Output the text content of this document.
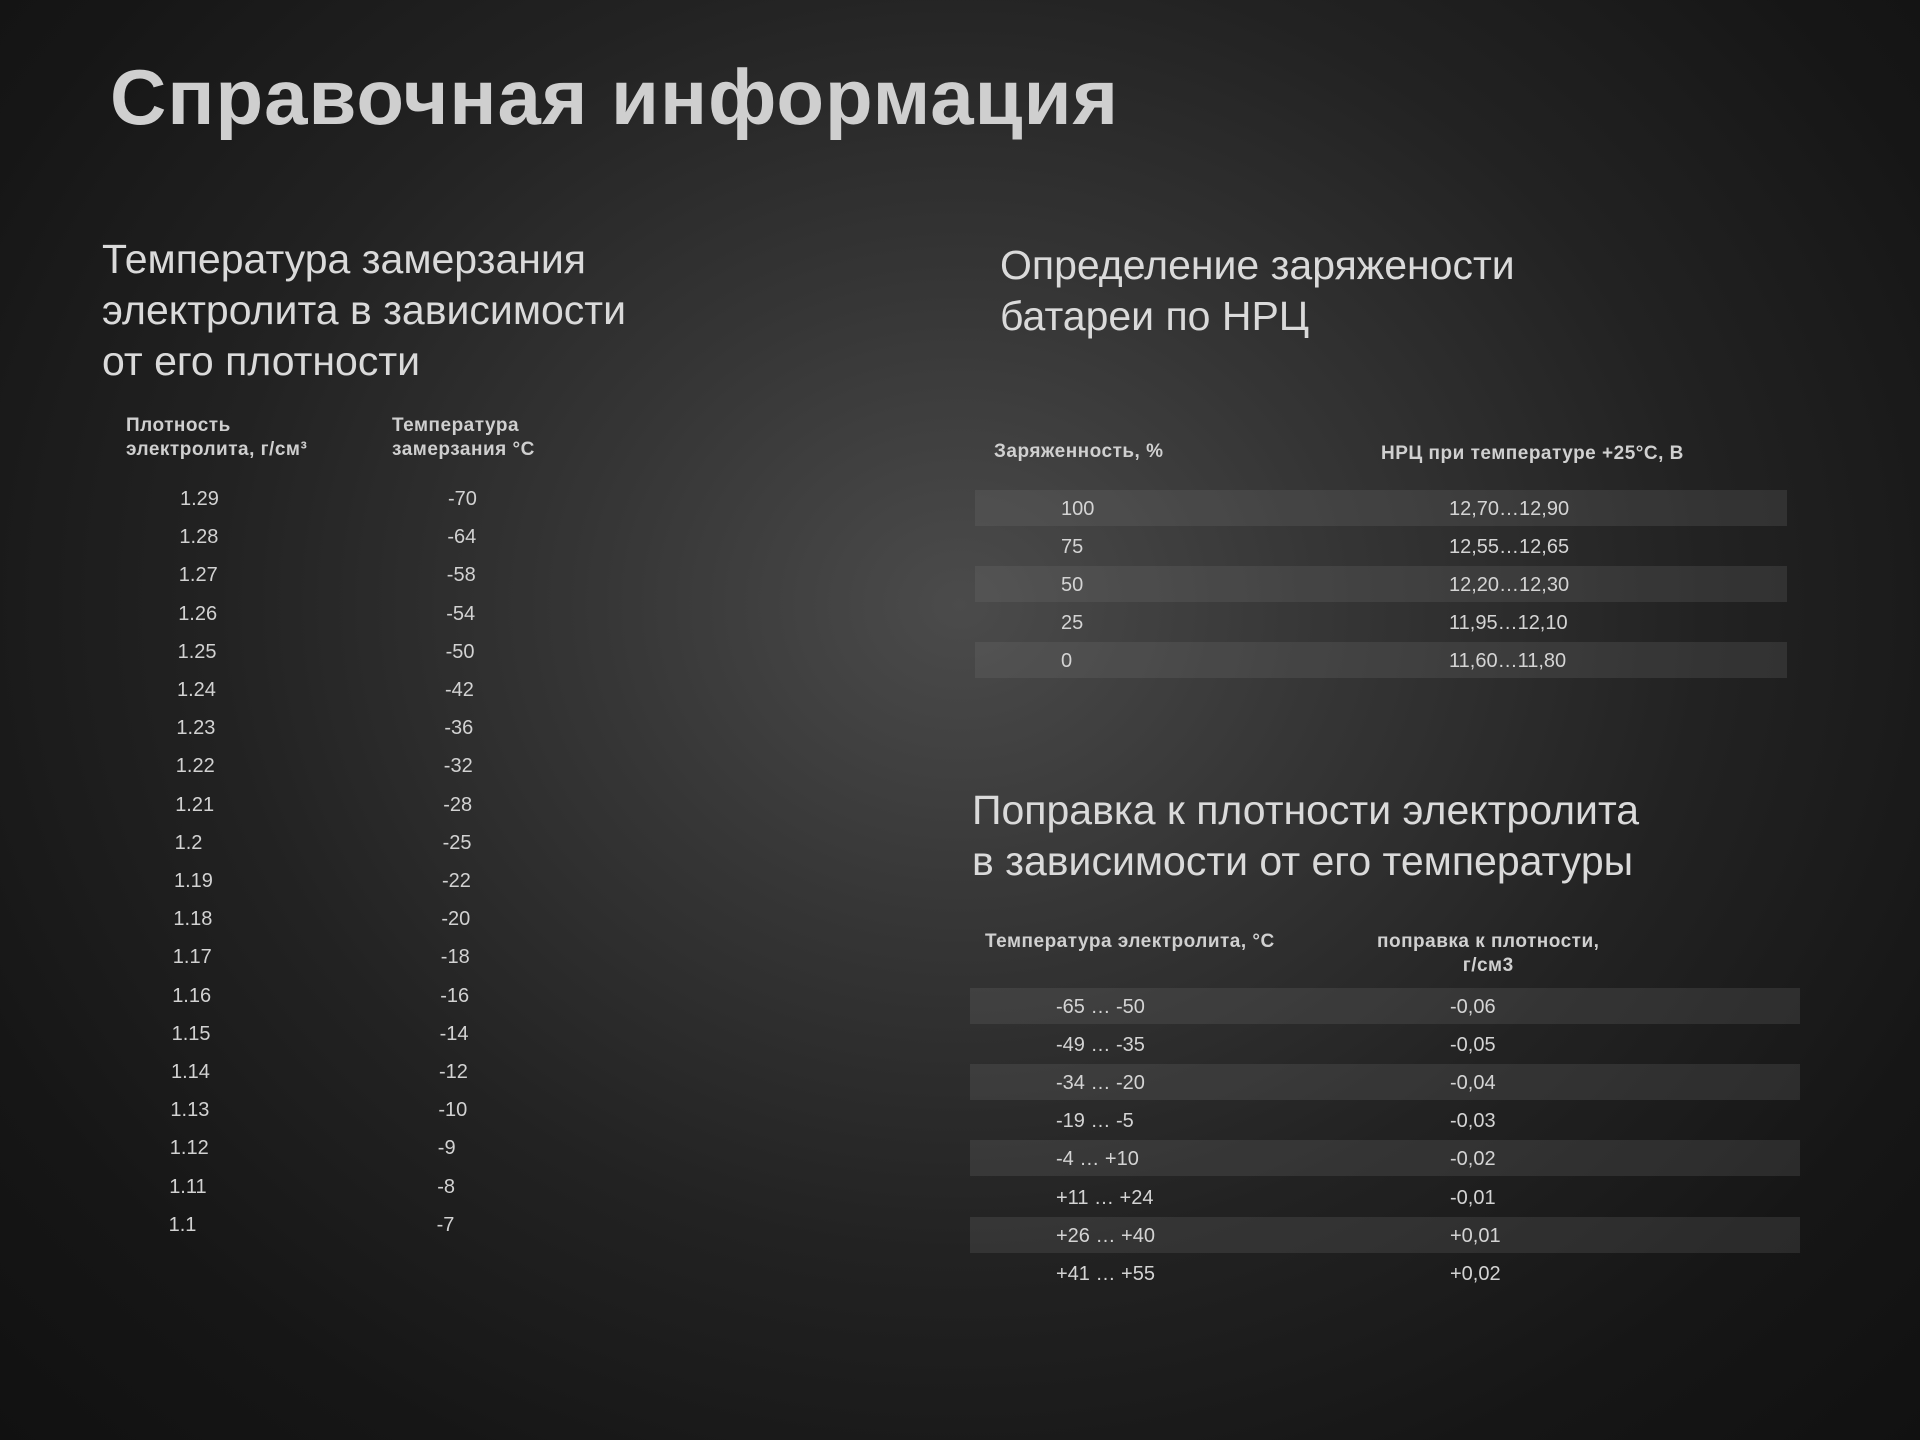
Справочная информация
Температура замерзания
электролита в зависимости
от его плотности
Плотность
электролита, г/см³
Температура
замерзания °С
1.29	-70
1.28	-64
1.27	-58
1.26	-54
1.25	-50
1.24	-42
1.23	-36
1.22	-32
1.21	-28
1.2	-25
1.19	-22
1.18	-20
1.17	-18
1.16	-16
1.15	-14
1.14	-12
1.13	-10
1.12	-9
1.11	-8
1.1	-7
Определение заряжености
батареи по НРЦ
Заряженность, %	НРЦ при температуре +25°С, В
100	12,70…12,90
75	12,55…12,65
50	12,20…12,30
25	11,95…12,10
0	11,60…11,80
Поправка к плотности электролита
в зависимости от его температуры
Температура электролита, °С	поправка к плотности,
г/см3
-65 … -50	-0,06
-49 … -35	-0,05
-34 … -20	-0,04
-19 … -5	-0,03
-4 … +10	-0,02
+11 … +24	-0,01
+26 … +40	+0,01
+41 … +55	+0,02
